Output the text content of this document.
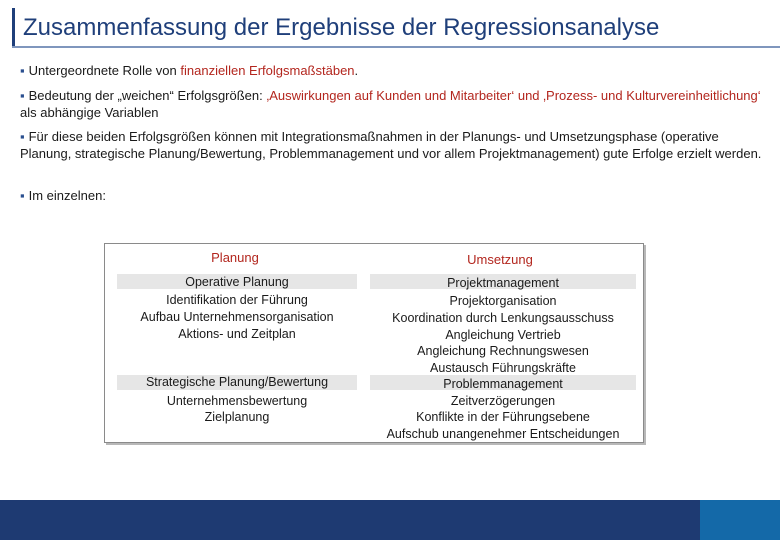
Zusammenfassung der Ergebnisse der Regressionsanalyse
▪ Untergeordnete Rolle von finanziellen Erfolgsmaßstäben.
▪ Bedeutung der „weichen“ Erfolgsgrößen: ‚Auswirkungen auf Kunden und Mitarbeiter‘ und ‚Prozess- und Kulturvereinheitlichung‘ als abhängige Variablen
▪ Für diese beiden Erfolgsgrößen können mit Integrationsmaßnahmen in der Planungs- und Umsetzungsphase (operative Planung, strategische Planung/Bewertung, Problemmanagement und vor allem Projektmanagement) gute Erfolge erzielt werden.
▪ Im einzelnen:
Planung	Umsetzung
Operative Planung
Identifikation der Führung
Aufbau Unternehmensorganisation
Aktions- und Zeitplan
Strategische Planung/Bewertung
Unternehmensbewertung
Zielplanung
Projektmanagement
Projektorganisation
Koordination durch Lenkungsausschuss
Angleichung Vertrieb
Angleichung Rechnungswesen
Austausch Führungskräfte
Problemmanagement
Zeitverzögerungen
Konflikte in der Führungsebene
Aufschub unangenehmer Entscheidungen
